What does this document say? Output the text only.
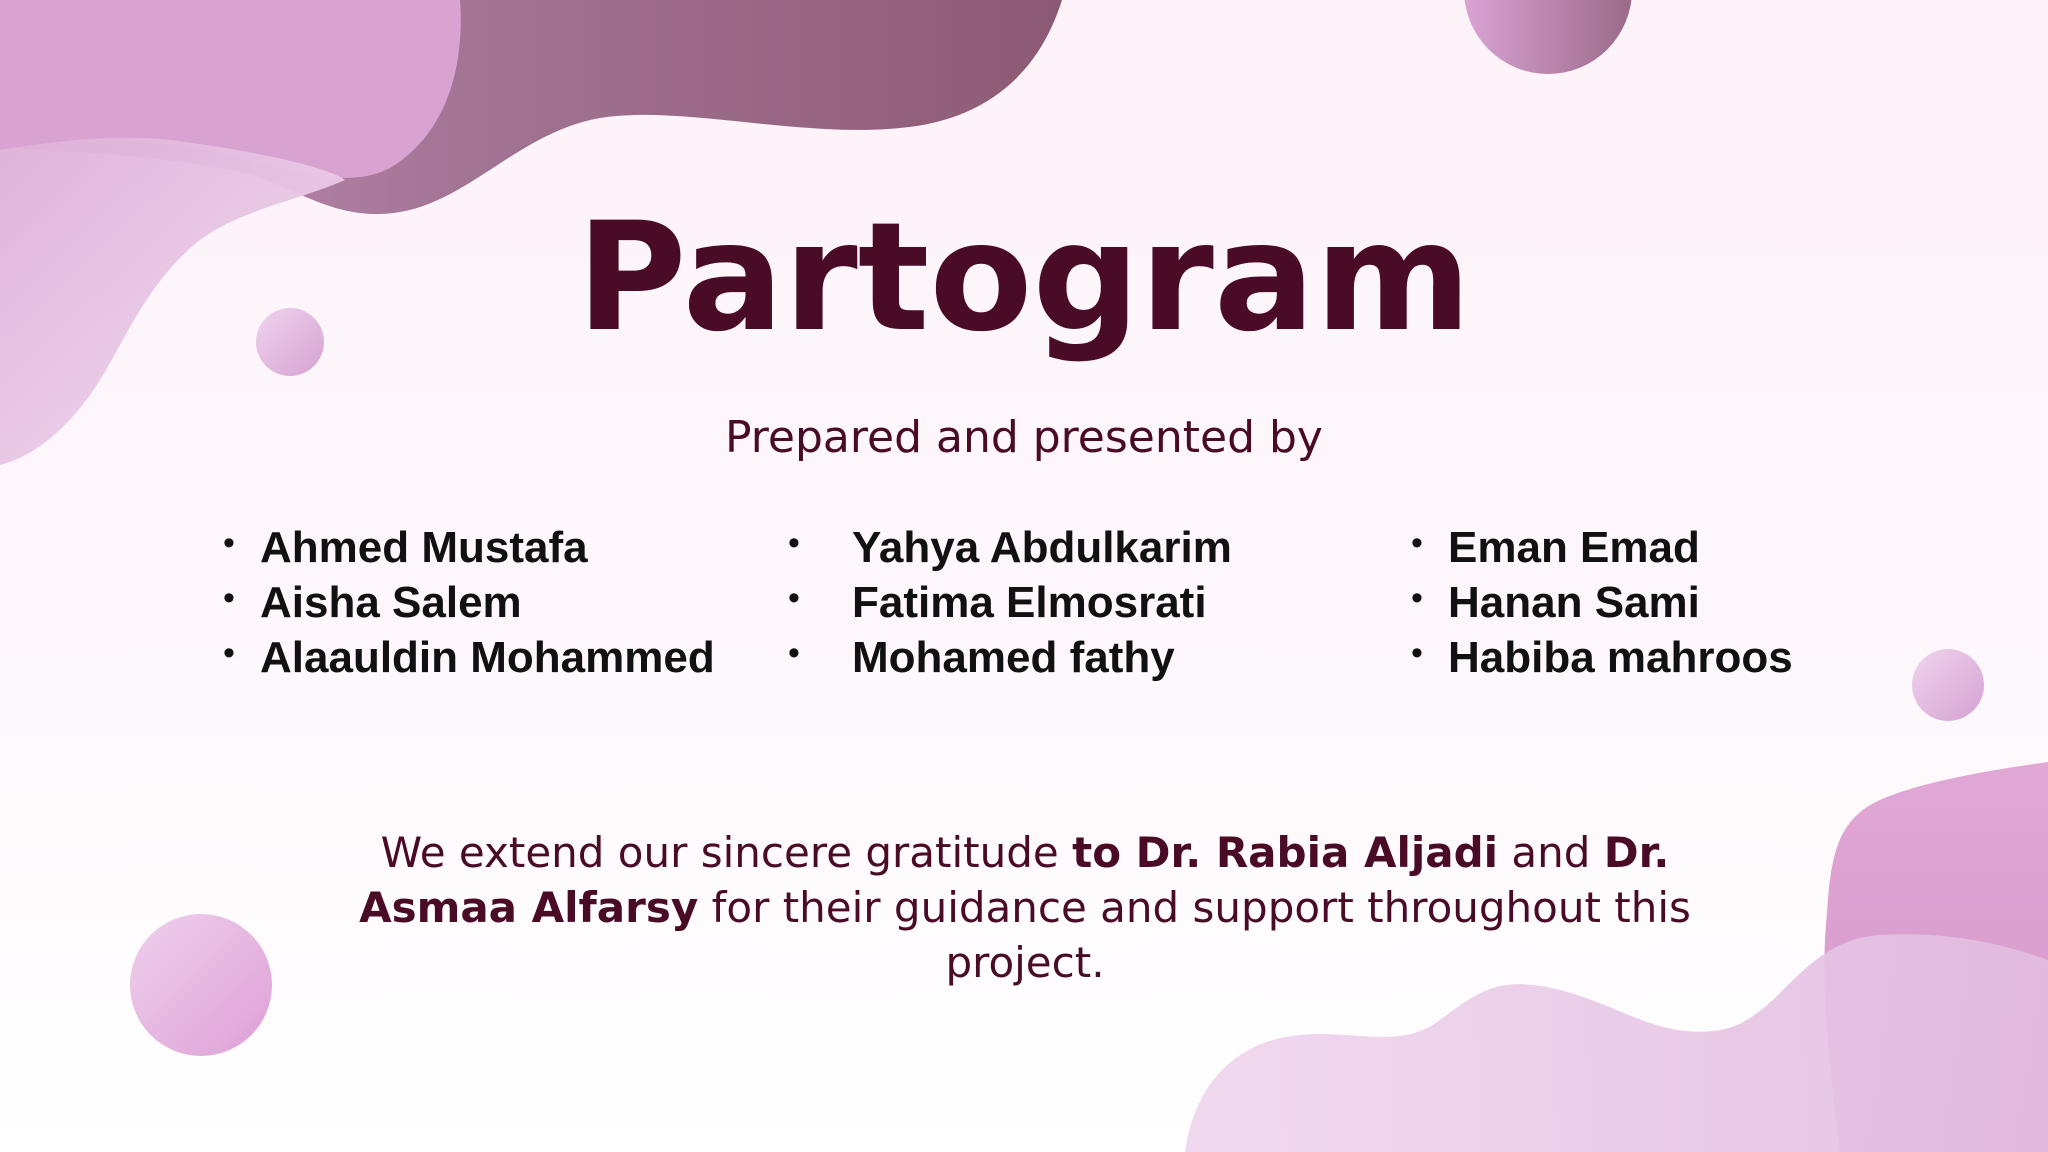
Partogram

Prepared and presented by

• Ahmed Mustafa
• Aisha Salem
• Alaauldin Mohammed
• Yahya Abdulkarim
• Fatima Elmosrati
• Mohamed fathy
• Eman Emad
• Hanan Sami
• Habiba mahroos

We extend our sincere gratitude to Dr. Rabia Aljadi and Dr. Asmaa Alfarsy for their guidance and support throughout this project.
